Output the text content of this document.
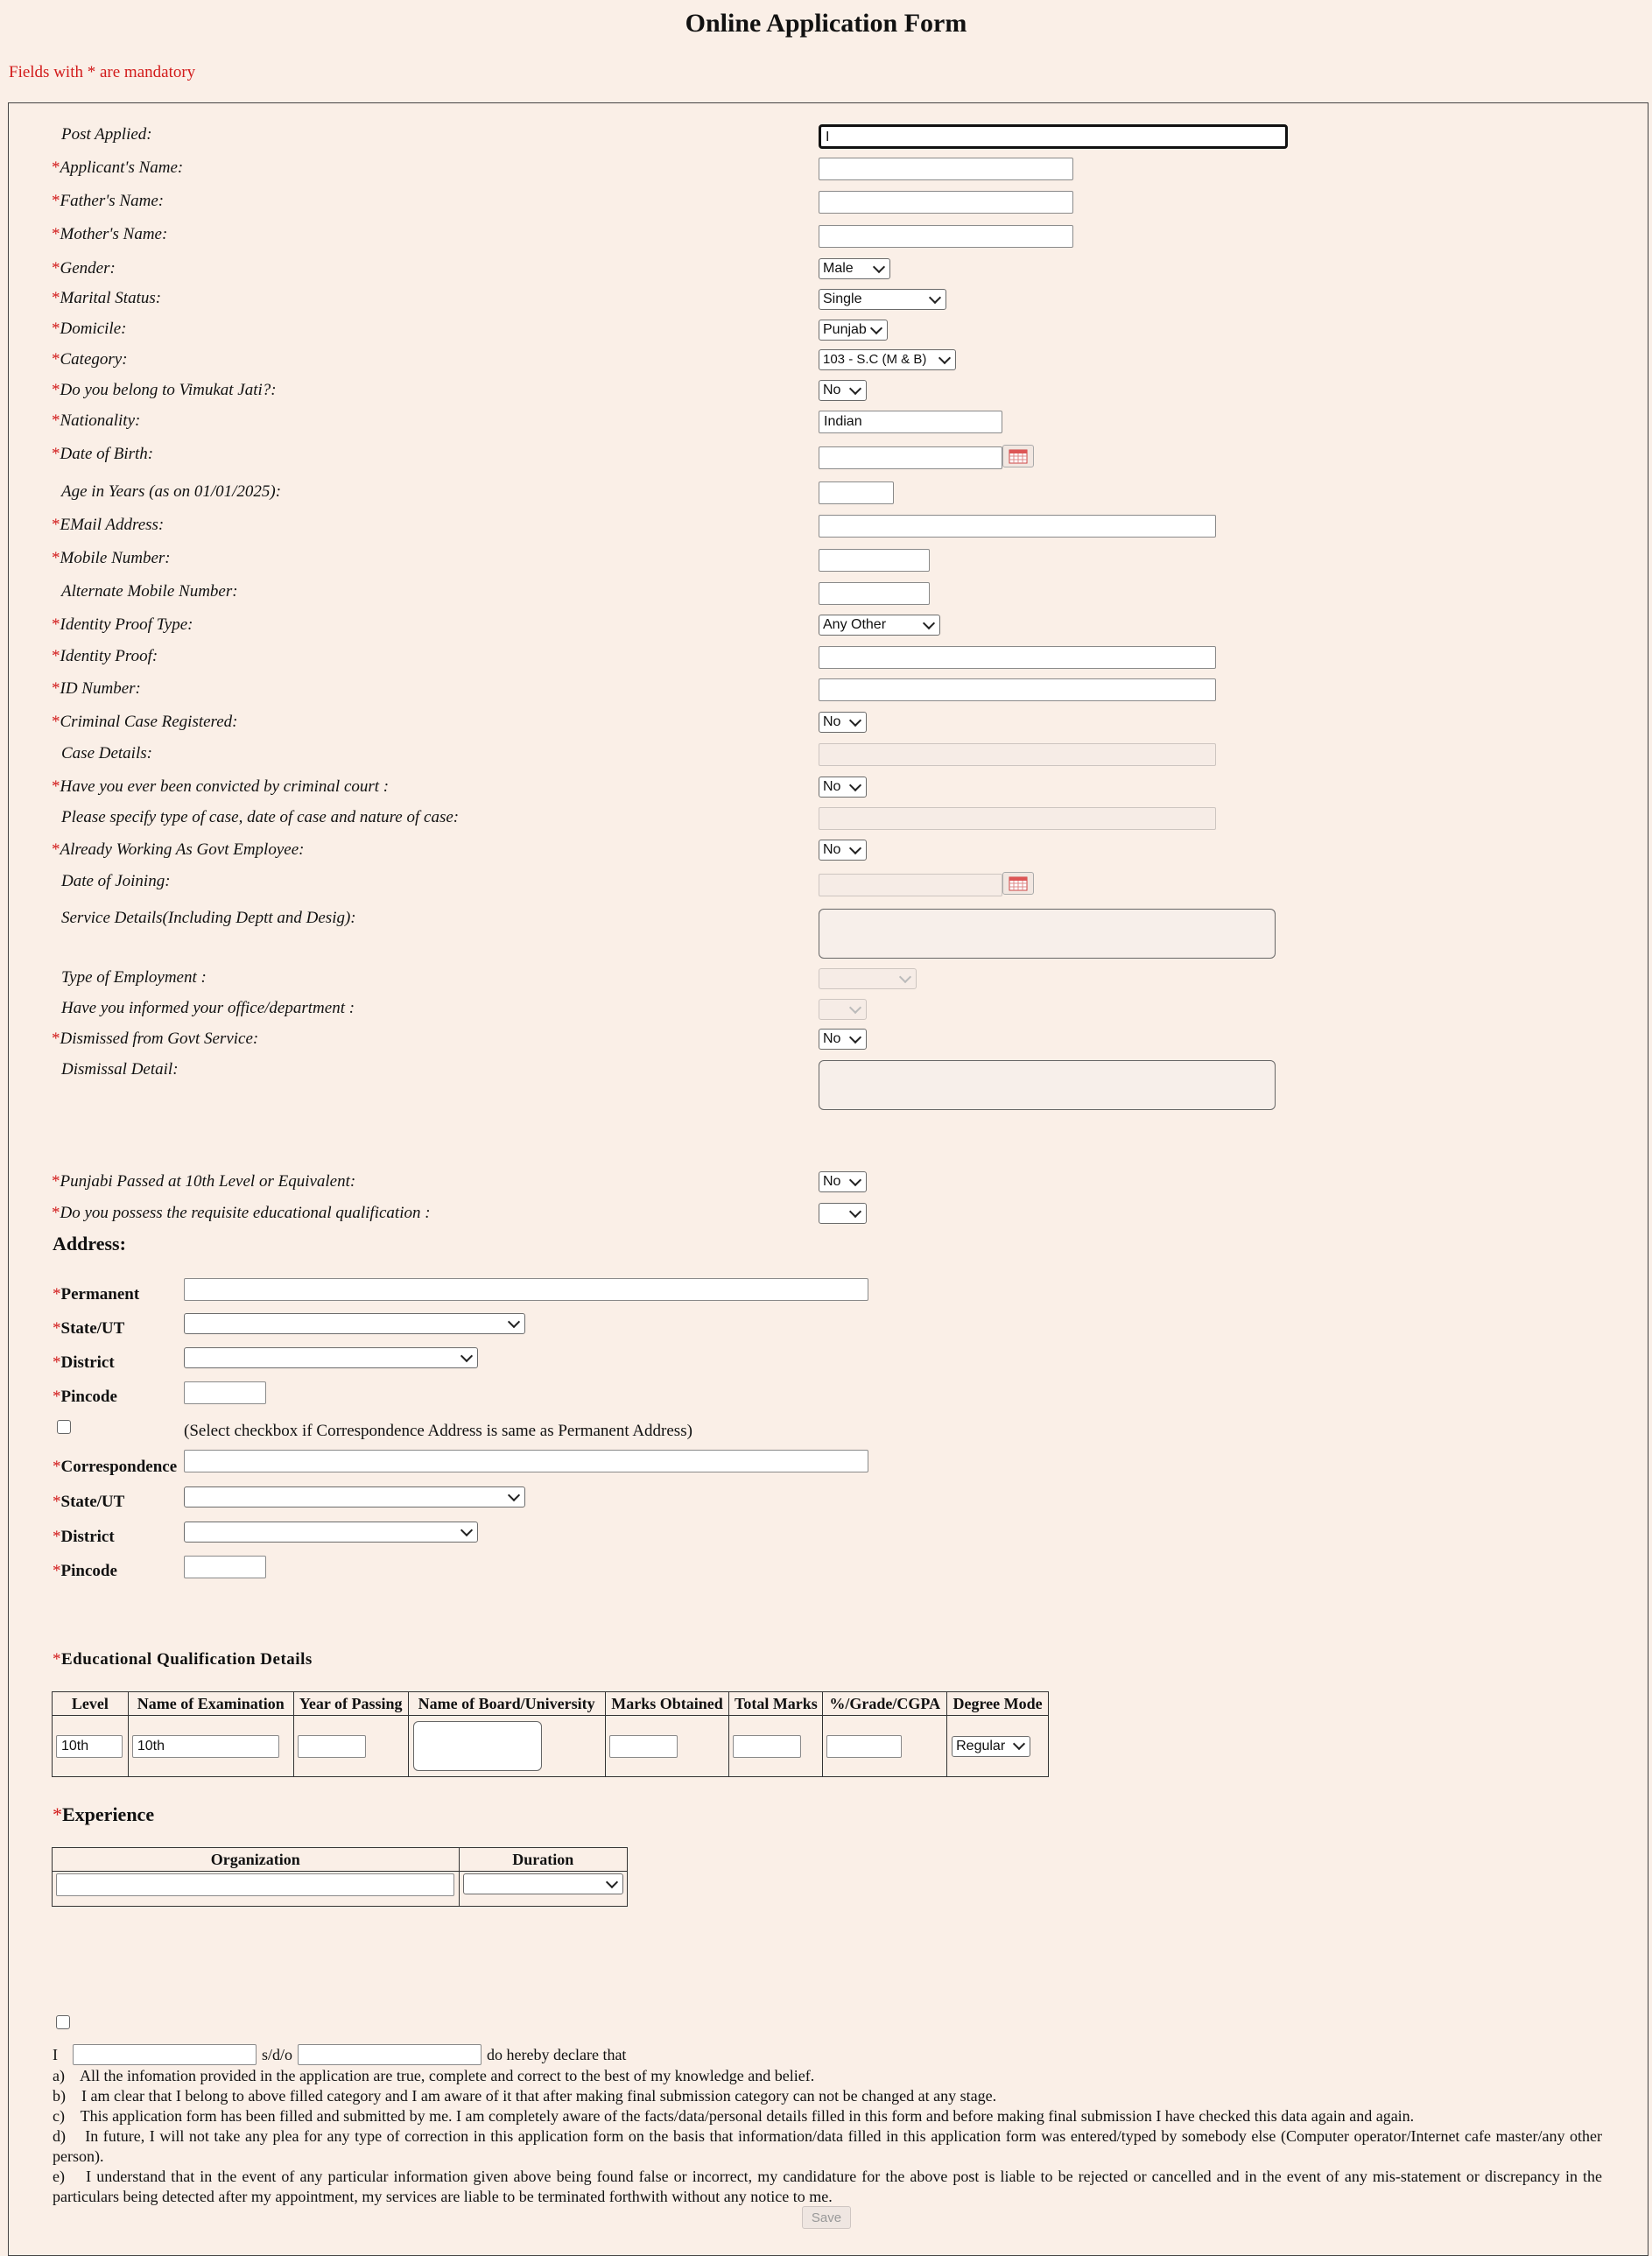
Online Application Form
Fields with * are mandatory
Post Applied:	I
*Applicant's Name:
*Father's Name:
*Mother's Name:
*Gender:	Male
*Marital Status:	Single
*Domicile:	Punjab
*Category:	103 - S.C (M & B)
*Do you belong to Vimukat Jati?:	No
*Nationality:	Indian
*Date of Birth:
Age in Years (as on 01/01/2025):
*EMail Address:
*Mobile Number:
Alternate Mobile Number:
*Identity Proof Type:	Any Other
*Identity Proof:
*ID Number:
*Criminal Case Registered:	No
Case Details:
*Have you ever been convicted by criminal court :	No
Please specify type of case, date of case and nature of case:
*Already Working As Govt Employee:	No
Date of Joining:
Service Details(Including Deptt and Desig):
Type of Employment :
Have you informed your office/department :
*Dismissed from Govt Service:	No
Dismissal Detail:
*Punjabi Passed at 10th Level or Equivalent:	No
*Do you possess the requisite educational qualification :
Address:
*Permanent
*State/UT
*District
*Pincode
(Select checkbox if Correspondence Address is same as Permanent Address)
*Correspondence
*State/UT
*District
*Pincode
*Educational Qualification Details
Level	Name of Examination	Year of Passing	Name of Board/University	Marks Obtained	Total Marks	%/Grade/CGPA	Degree Mode

10th	10th						Regular
*Experience
Organization	Duration

I	s/d/o	do hereby declare that
a)    All the infomation provided in the application are true, complete and correct to the best of my knowledge and belief.
b)    I am clear that I belong to above filled category and I am aware of it that after making final submission category can not be changed at any stage.
c)    This application form has been filled and submitted by me. I am completely aware of the facts/data/personal details filled in this form and before making final submission I have checked this data again and again.
d)    In future, I will not take any plea for any type of correction in this application form on the basis that information/data filled in this application form was entered/typed by somebody else (Computer operator/Internet cafe master/any other person).
e)    I understand that in the event of any particular information given above being found false or incorrect, my candidature for the above post is liable to be rejected or cancelled and in the event of any mis-statement or discrepancy in the particulars being detected after my appointment, my services are liable to be terminated forthwith without any notice to me.
Save
